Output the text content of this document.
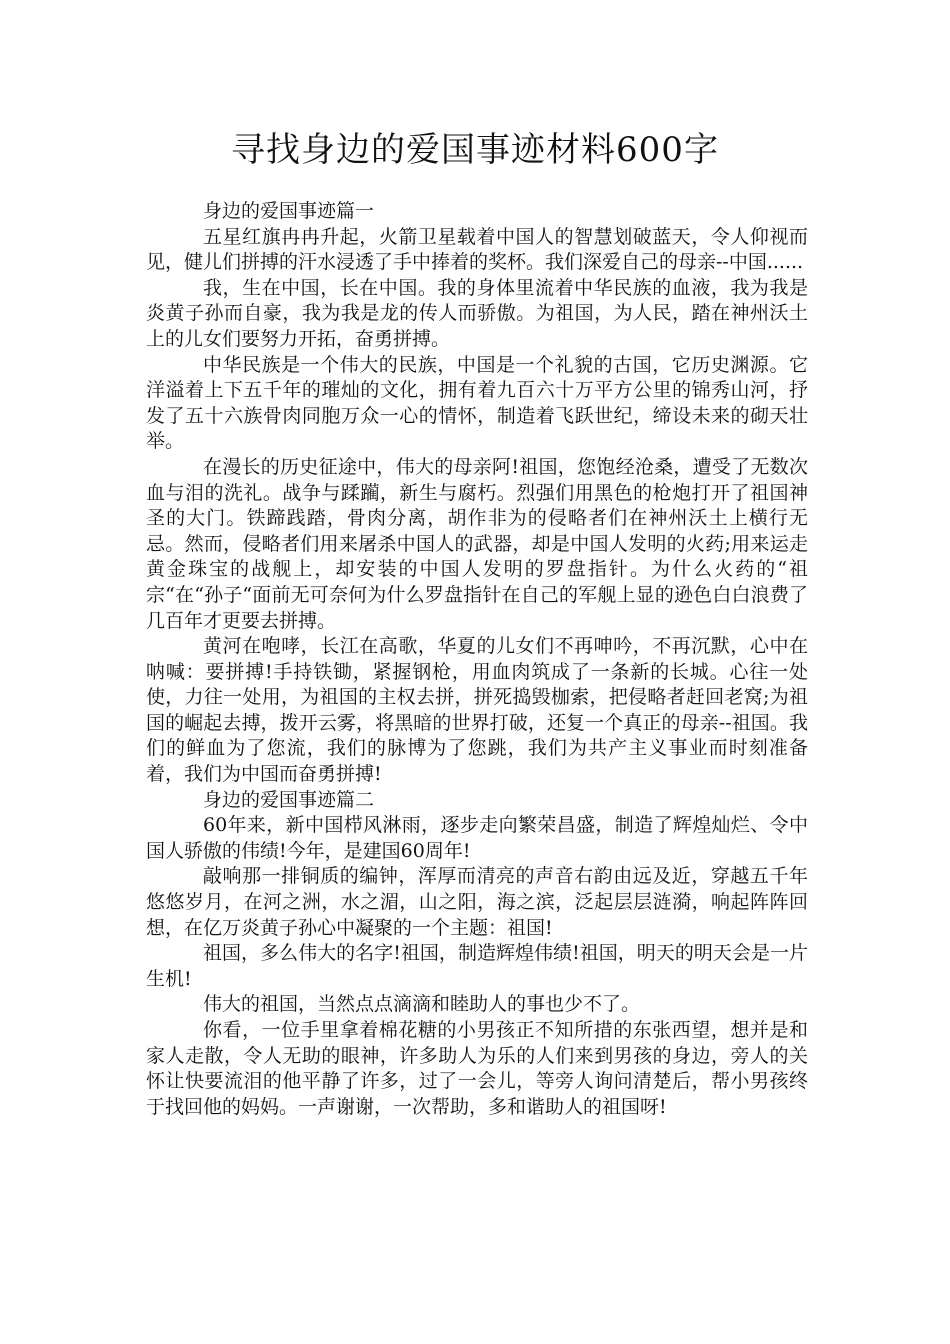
寻找身边的爱国事迹材料600字

身边的爱国事迹篇一

五星红旗冉冉升起，火箭卫星载着中国人的智慧划破蓝天，令人仰视而见，健儿们拼搏的汗水浸透了手中捧着的奖杯。我们深爱自己的母亲--中国......

我，生在中国，长在中国。我的身体里流着中华民族的血液，我为我是炎黄子孙而自豪，我为我是龙的传人而骄傲。为祖国，为人民，踏在神州沃土上的儿女们要努力开拓，奋勇拼搏。

中华民族是一个伟大的民族，中国是一个礼貌的古国，它历史渊源。它洋溢着上下五千年的璀灿的文化，拥有着九百六十万平方公里的锦秀山河，抒发了五十六族骨肉同胞万众一心的情怀，制造着飞跃世纪，缔设未来的砌天壮举。

在漫长的历史征途中，伟大的母亲阿!祖国，您饱经沧桑，遭受了无数次血与泪的洗礼。战争与蹂躏，新生与腐朽。烈强们用黑色的枪炮打开了祖国神圣的大门。铁蹄践踏，骨肉分离，胡作非为的侵略者们在神州沃土上横行无忌。然而，侵略者们用来屠杀中国人的武器，却是中国人发明的火药;用来运走黄金珠宝的战舰上，却安装的中国人发明的罗盘指针。为什么火药的“祖宗“在“孙子“面前无可奈何为什么罗盘指针在自己的军舰上显的逊色白白浪费了几百年才更要去拼搏。

黄河在咆哮，长江在高歌，华夏的儿女们不再呻吟，不再沉默，心中在呐喊：要拼搏!手持铁锄，紧握钢枪，用血肉筑成了一条新的长城。心往一处使，力往一处用，为祖国的主权去拼，拼死捣毁枷索，把侵略者赶回老窝;为祖国的崛起去搏，拨开云雾，将黑暗的世界打破，还复一个真正的母亲--祖国。我们的鲜血为了您流，我们的脉博为了您跳，我们为共产主义事业而时刻准备着，我们为中国而奋勇拼搏!

身边的爱国事迹篇二

60年来，新中国栉风淋雨，逐步走向繁荣昌盛，制造了辉煌灿烂、令中国人骄傲的伟绩!今年，是建国60周年!

敲响那一排铜质的编钟，浑厚而清亮的声音右韵由远及近，穿越五千年悠悠岁月，在河之洲，水之湄，山之阳，海之滨，泛起层层涟漪，响起阵阵回想，在亿万炎黄子孙心中凝聚的一个主题：祖国!

祖国，多么伟大的名字!祖国，制造辉煌伟绩!祖国，明天的明天会是一片生机!

伟大的祖国，当然点点滴滴和睦助人的事也少不了。

你看，一位手里拿着棉花糖的小男孩正不知所措的东张西望，想并是和家人走散，令人无助的眼神，许多助人为乐的人们来到男孩的身边，旁人的关怀让快要流泪的他平静了许多，过了一会儿，等旁人询问清楚后，帮小男孩终于找回他的妈妈。一声谢谢，一次帮助，多和谐助人的祖国呀!
